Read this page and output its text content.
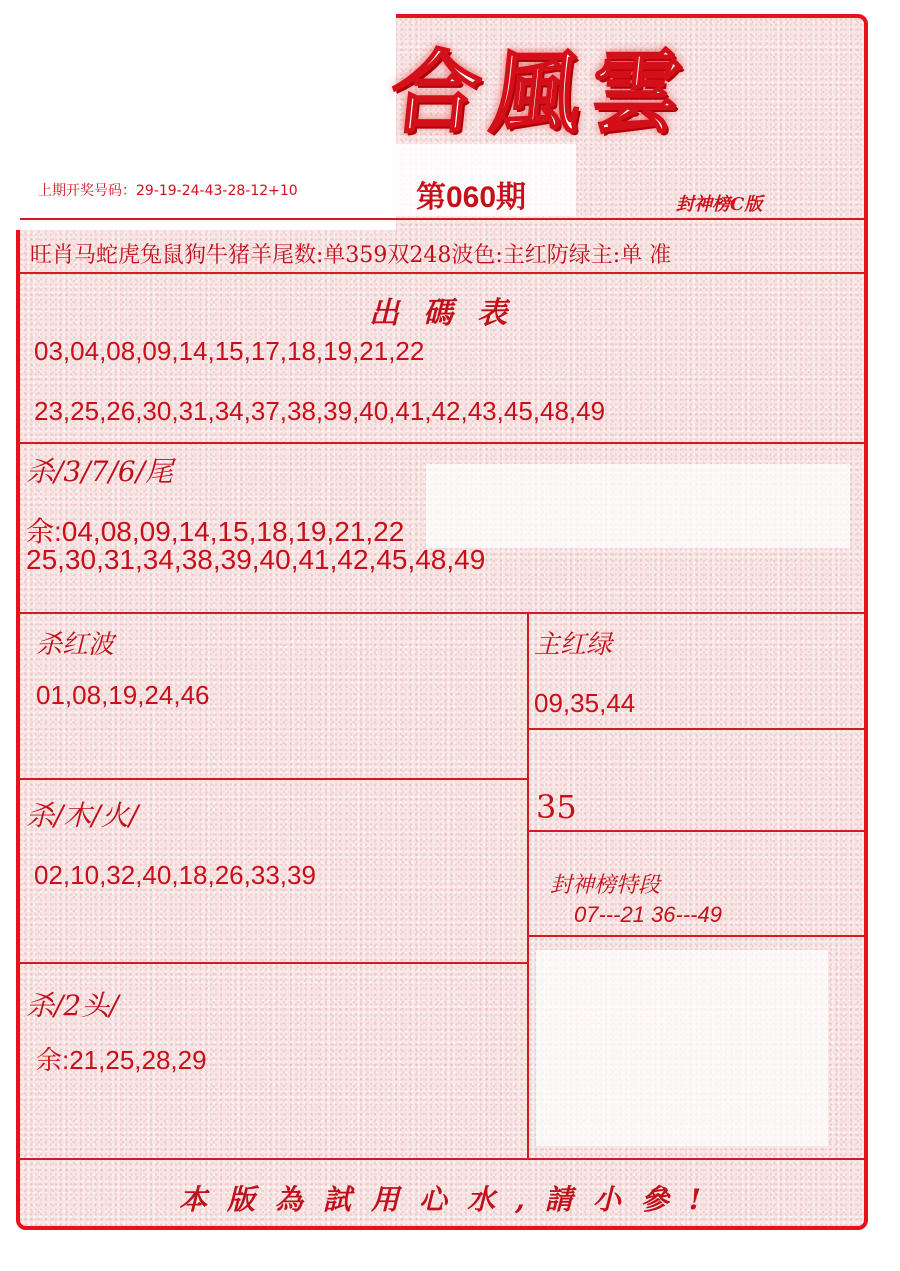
合風雲
封神榜C版
上期开奖号码：29-19-24-43-28-12+10	第060期
旺肖马蛇虎兔鼠狗牛猪羊尾数:单359双248波色:主红防绿主:单 准
出碼表
03,04,08,09,14,15,17,18,19,21,22
23,25,26,30,31,34,37,38,39,40,41,42,43,45,48,49
杀/3/7/6/尾
余:04,08,09,14,15,18,19,21,22
25,30,31,34,38,39,40,41,42,45,48,49
杀红波
01,08,19,24,46
主红绿
09,35,44
35
杀/木/火/
02,10,32,40,18,26,33,39	封神榜特段
07---21 36---49
杀/2头/
余:21,25,28,29
本版為試用心水,請小參!
